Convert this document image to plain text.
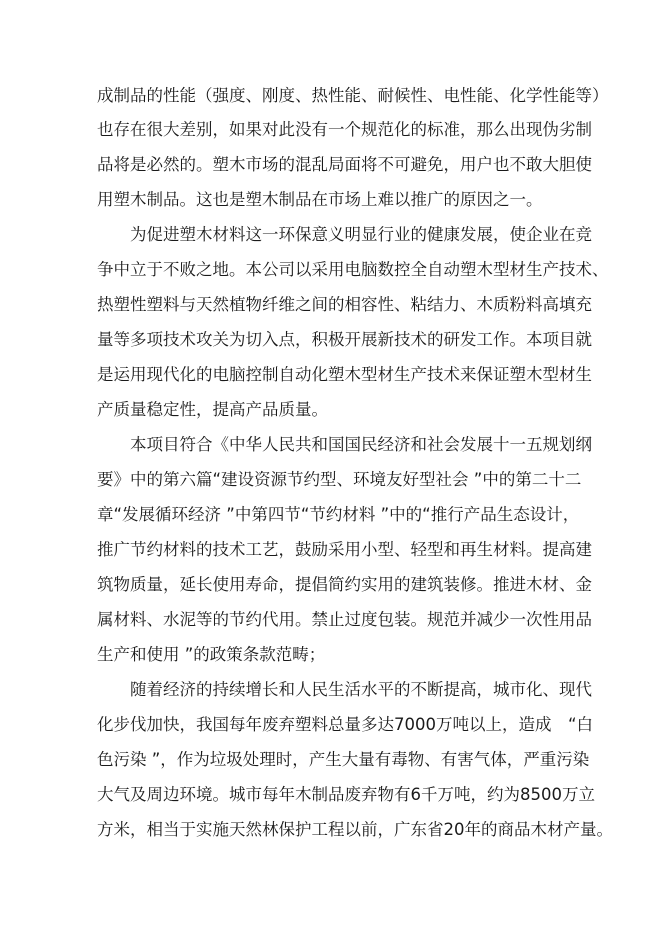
成制品的性能（强度、刚度、热性能、耐候性、电性能、化学性能等）
也存在很大差别，如果对此没有一个规范化的标准，那么出现伪劣制
品将是必然的。塑木市场的混乱局面将不可避免，用户也不敢大胆使
用塑木制品。这也是塑木制品在市场上难以推广的原因之一。
为促进塑木材料这一环保意义明显行业的健康发展，使企业在竞
争中立于不败之地。本公司以采用电脑数控全自动塑木型材生产技术、
热塑性塑料与天然植物纤维之间的相容性、粘结力、木质粉料高填充
量等多项技术攻关为切入点，积极开展新技术的研发工作。本项目就
是运用现代化的电脑控制自动化塑木型材生产技术来保证塑木型材生
产质量稳定性，提高产品质量。
本项目符合《中华人民共和国国民经济和社会发展十一五规划纲
要》中的第六篇“建设资源节约型、环境友好型社会 ”中的第二十二
章“发展循环经济 ”中第四节“节约材料 ”中的“推行产品生态设计，
推广节约材料的技术工艺，鼓励采用小型、轻型和再生材料。提高建
筑物质量，延长使用寿命，提倡简约实用的建筑装修。推进木材、金
属材料、水泥等的节约代用。禁止过度包装。规范并减少一次性用品
生产和使用 ”的政策条款范畴；
随着经济的持续增长和人民生活水平的不断提高，城市化、现代
化步伐加快，我国每年废弃塑料总量多达7000万吨以上，造成　“白
色污染 ”，作为垃圾处理时，产生大量有毒物、有害气体，严重污染
大气及周边环境。城市每年木制品废弃物有6千万吨，约为8500万立
方米，相当于实施天然林保护工程以前，广东省20年的商品木材产量。
